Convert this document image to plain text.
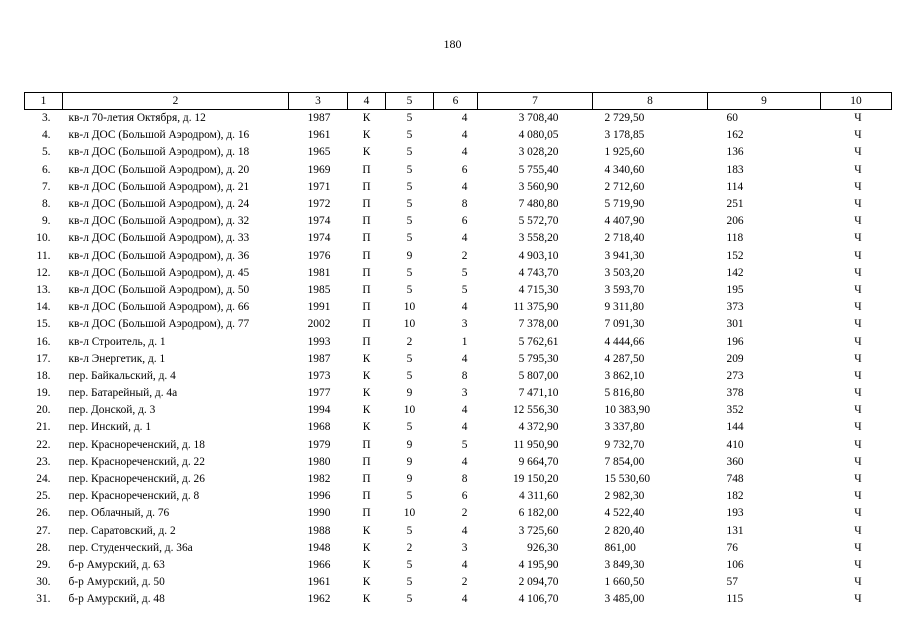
180
1	2	3	4	5	6	7	8	9	10
3.	кв-л 70-летия Октября, д. 12	1987	К	5	4	3 708,40	2 729,50	60	Ч
4.	кв-л ДОС (Большой Аэродром), д. 16	1961	К	5	4	4 080,05	3 178,85	162	Ч
5.	кв-л ДОС (Большой Аэродром), д. 18	1965	К	5	4	3 028,20	1 925,60	136	Ч
6.	кв-л ДОС (Большой Аэродром), д. 20	1969	П	5	6	5 755,40	4 340,60	183	Ч
7.	кв-л ДОС (Большой Аэродром), д. 21	1971	П	5	4	3 560,90	2 712,60	114	Ч
8.	кв-л ДОС (Большой Аэродром), д. 24	1972	П	5	8	7 480,80	5 719,90	251	Ч
9.	кв-л ДОС (Большой Аэродром), д. 32	1974	П	5	6	5 572,70	4 407,90	206	Ч
10.	кв-л ДОС (Большой Аэродром), д. 33	1974	П	5	4	3 558,20	2 718,40	118	Ч
11.	кв-л ДОС (Большой Аэродром), д. 36	1976	П	9	2	4 903,10	3 941,30	152	Ч
12.	кв-л ДОС (Большой Аэродром), д. 45	1981	П	5	5	4 743,70	3 503,20	142	Ч
13.	кв-л ДОС (Большой Аэродром), д. 50	1985	П	5	5	4 715,30	3 593,70	195	Ч
14.	кв-л ДОС (Большой Аэродром), д. 66	1991	П	10	4	11 375,90	9 311,80	373	Ч
15.	кв-л ДОС (Большой Аэродром), д. 77	2002	П	10	3	7 378,00	7 091,30	301	Ч
16.	кв-л Строитель, д. 1	1993	П	2	1	5 762,61	4 444,66	196	Ч
17.	кв-л Энергетик, д. 1	1987	К	5	4	5 795,30	4 287,50	209	Ч
18.	пер. Байкальский, д. 4	1973	К	5	8	5 807,00	3 862,10	273	Ч
19.	пер. Батарейный, д. 4а	1977	К	9	3	7 471,10	5 816,80	378	Ч
20.	пер. Донской, д. 3	1994	К	10	4	12 556,30	10 383,90	352	Ч
21.	пер. Инский, д. 1	1968	К	5	4	4 372,90	3 337,80	144	Ч
22.	пер. Краснореченский, д. 18	1979	П	9	5	11 950,90	9 732,70	410	Ч
23.	пер. Краснореченский, д. 22	1980	П	9	4	9 664,70	7 854,00	360	Ч
24.	пер. Краснореченский, д. 26	1982	П	9	8	19 150,20	15 530,60	748	Ч
25.	пер. Краснореченский, д. 8	1996	П	5	6	4 311,60	2 982,30	182	Ч
26.	пер. Облачный, д. 76	1990	П	10	2	6 182,00	4 522,40	193	Ч
27.	пер. Саратовский, д. 2	1988	К	5	4	3 725,60	2 820,40	131	Ч
28.	пер. Студенческий, д. 36а	1948	К	2	3	926,30	861,00	76	Ч
29.	б-р Амурский, д. 63	1966	К	5	4	4 195,90	3 849,30	106	Ч
30.	б-р Амурский, д. 50	1961	К	5	2	2 094,70	1 660,50	57	Ч
31.	б-р Амурский, д. 48	1962	К	5	4	4 106,70	3 485,00	115	Ч
